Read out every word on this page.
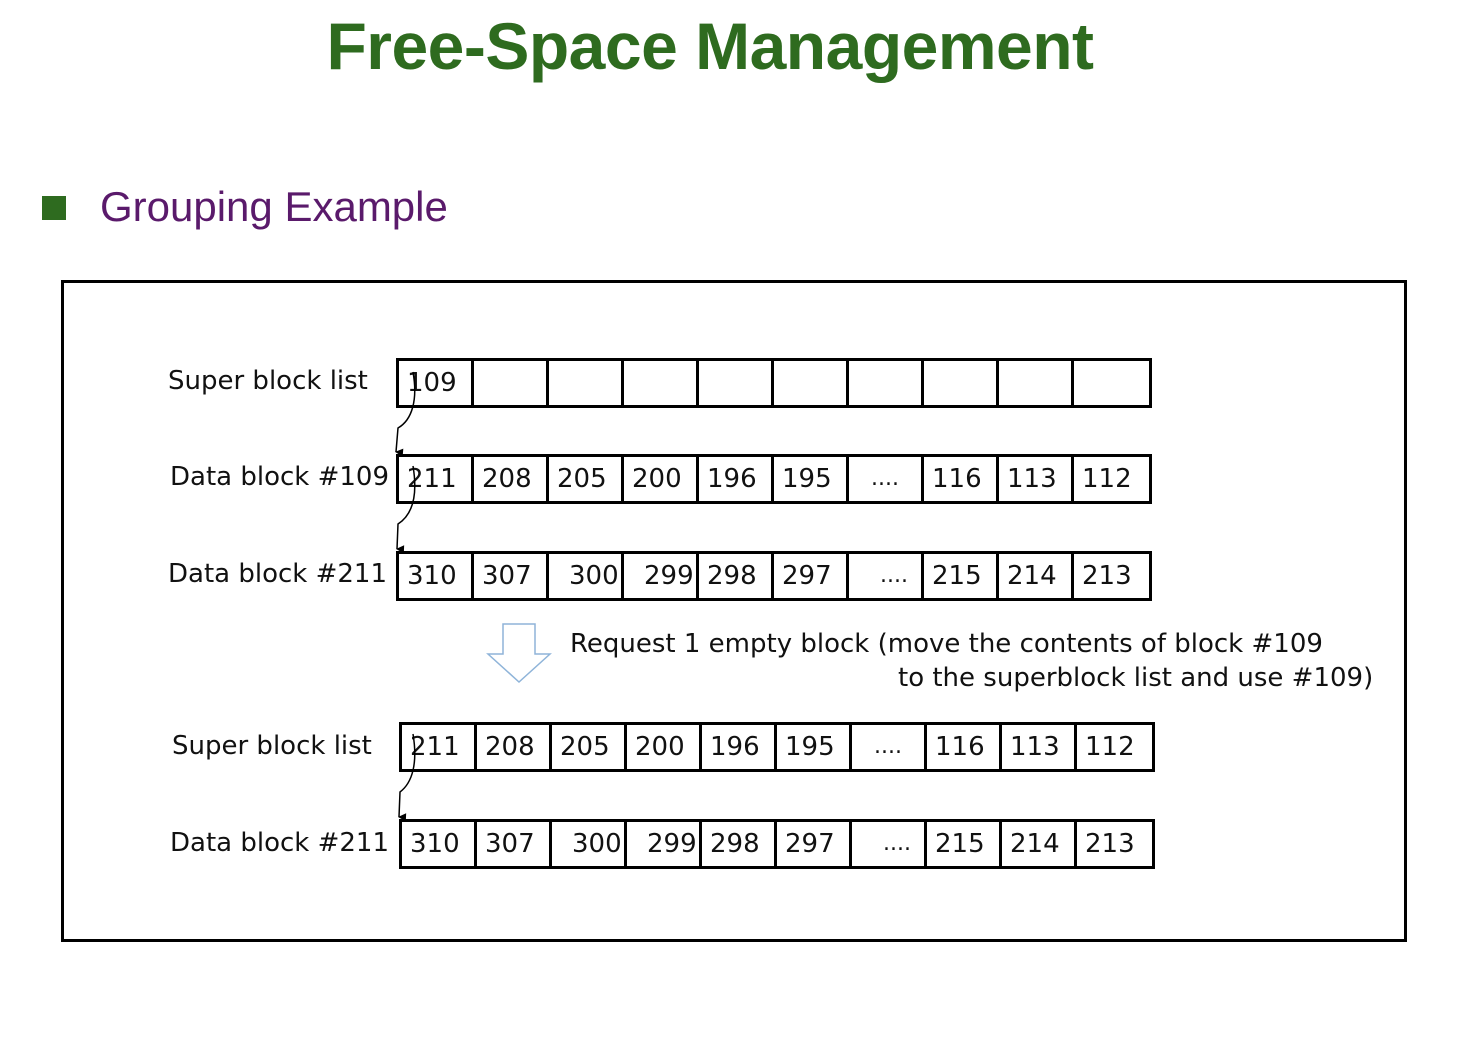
Free-Space Management
Grouping Example
Super block list	109
Data block #109 211 208 205 200 196 195	....	116 113 112
Data block #211 310 307	300 299 298 297	.... 215 214 213
Request 1 empty block (move the contents of block #109
to the superblock list and use #109)
Super block list	211 208 205 200 196 195	....	116 113 112
Data block #211 310 307	300 299 298 297	.... 215 214 213
